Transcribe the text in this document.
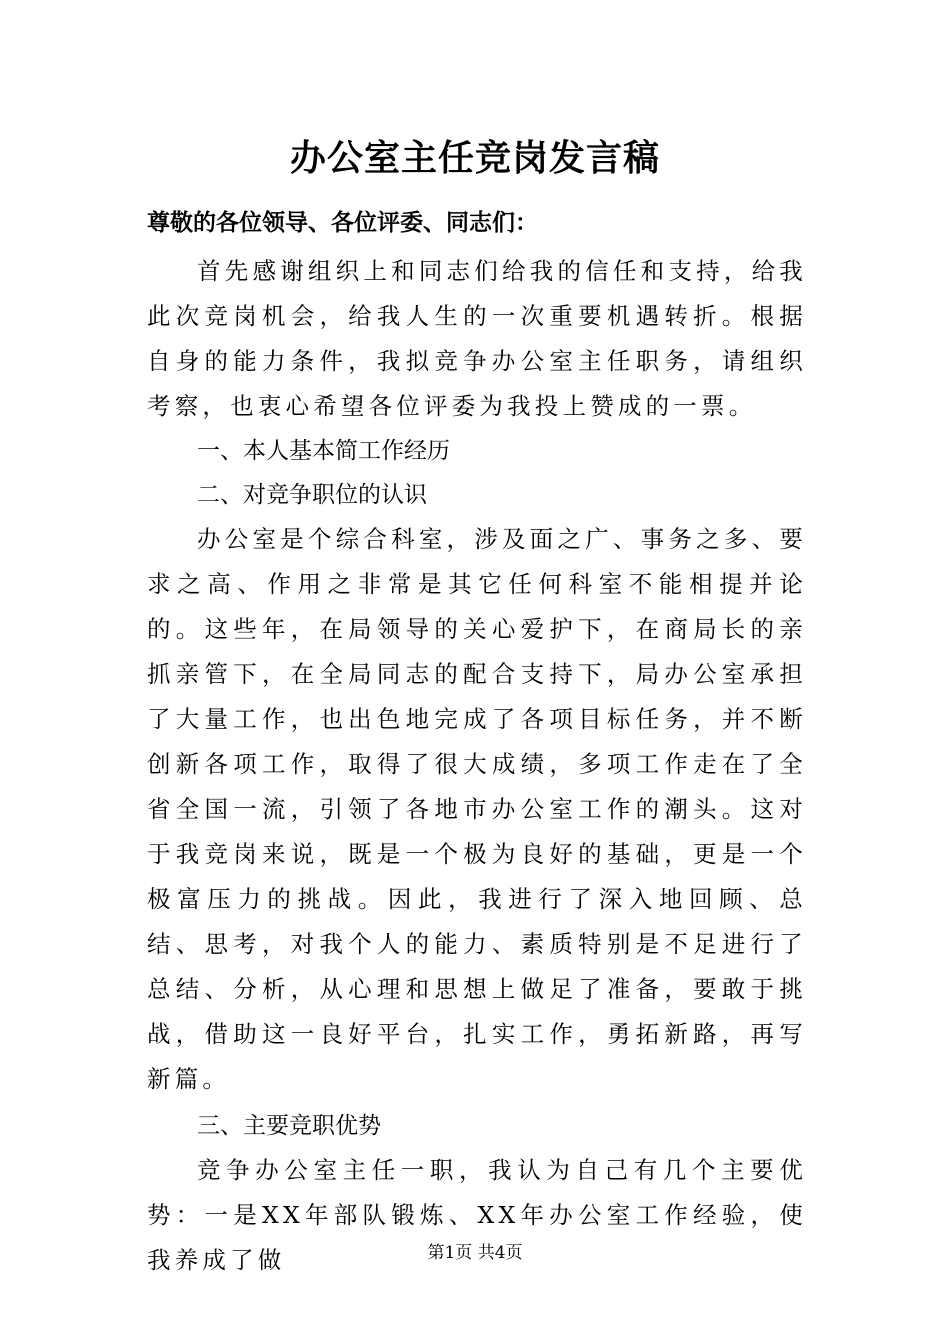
办公室主任竞岗发言稿
尊敬的各位领导、各位评委、同志们：

首先感谢组织上和同志们给我的信任和支持，给我此次竞岗机会，给我人生的一次重要机遇转折。根据自身的能力条件，我拟竞争办公室主任职务，请组织考察，也衷心希望各位评委为我投上赞成的一票。

一、本人基本简工作经历
二、对竞争职位的认识

办公室是个综合科室，涉及面之广、事务之多、要求之高、作用之非常是其它任何科室不能相提并论的。这些年，在局领导的关心爱护下，在商局长的亲抓亲管下，在全局同志的配合支持下，局办公室承担了大量工作，也出色地完成了各项目标任务，并不断创新各项工作，取得了很大成绩，多项工作走在了全省全国一流，引领了各地市办公室工作的潮头。这对于我竞岗来说，既是一个极为良好的基础，更是一个极富压力的挑战。因此，我进行了深入地回顾、总结、思考，对我个人的能力、素质特别是不足进行了总结、分析，从心理和思想上做足了准备，要敢于挑战，借助这一良好平台，扎实工作，勇拓新路，再写新篇。

三、主要竞职优势

竞争办公室主任一职，我认为自己有几个主要优势：一是XX年部队锻炼、XX年办公室工作经验，使我养成了做	第1页 共4页
